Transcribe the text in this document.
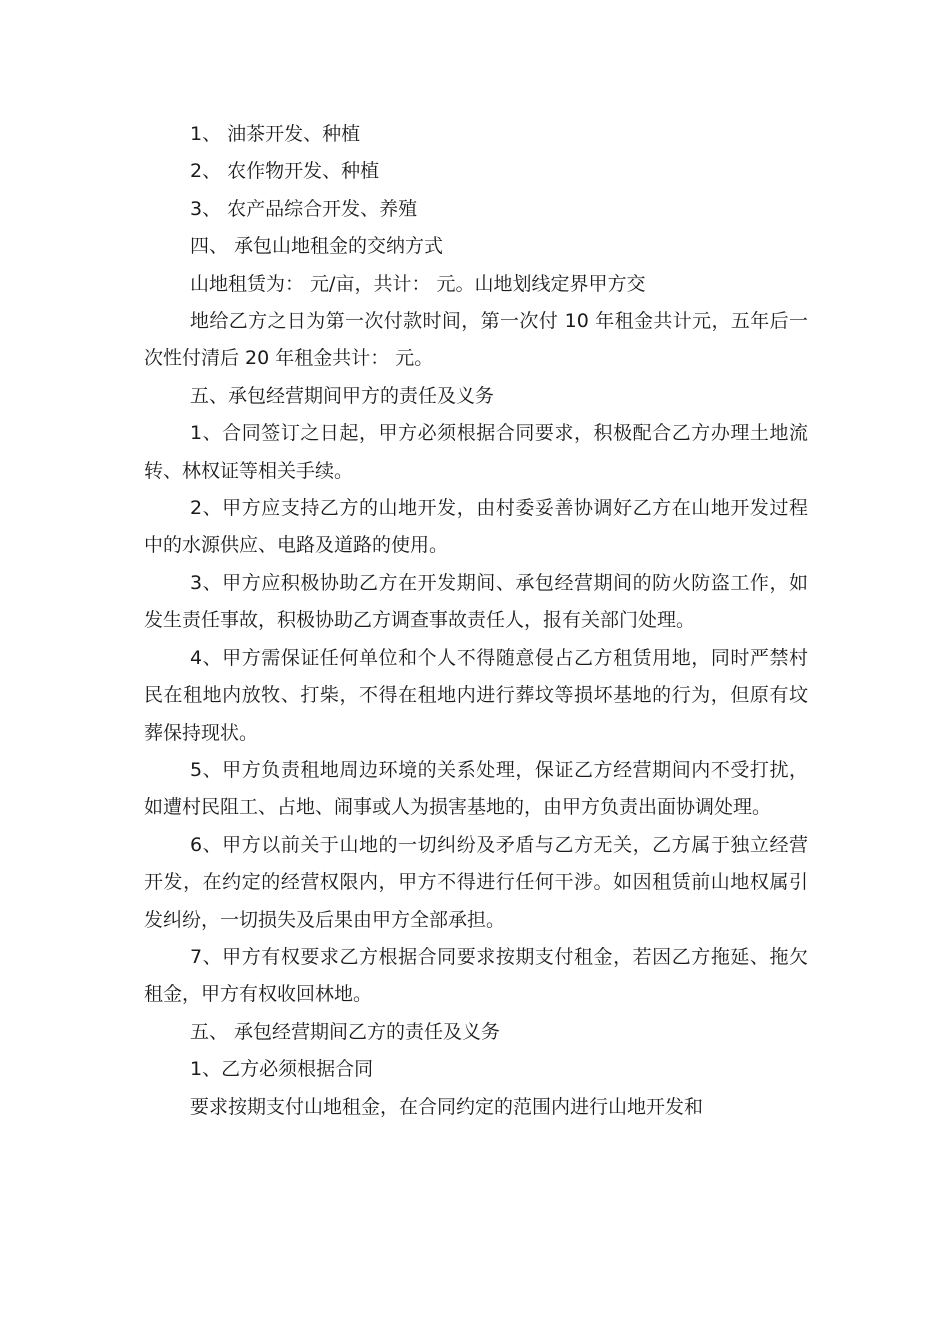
1、 油茶开发、种植

2、 农作物开发、种植

3、 农产品综合开发、养殖

四、 承包山地租金的交纳方式

山地租赁为： 元/亩，共计： 元。山地划线定界甲方交

地给乙方之日为第一次付款时间，第一次付 10 年租金共计元，五年后一次性付清后 20 年租金共计： 元。

五、承包经营期间甲方的责任及义务

1、合同签订之日起，甲方必须根据合同要求，积极配合乙方办理土地流转、林权证等相关手续。

2、甲方应支持乙方的山地开发，由村委妥善协调好乙方在山地开发过程中的水源供应、电路及道路的使用。

3、甲方应积极协助乙方在开发期间、承包经营期间的防火防盗工作，如发生责任事故，积极协助乙方调查事故责任人，报有关部门处理。

4、甲方需保证任何单位和个人不得随意侵占乙方租赁用地，同时严禁村民在租地内放牧、打柴，不得在租地内进行葬坟等损坏基地的行为，但原有坟葬保持现状。

5、甲方负责租地周边环境的关系处理，保证乙方经营期间内不受打扰，如遭村民阻工、占地、闹事或人为损害基地的，由甲方负责出面协调处理。

6、甲方以前关于山地的一切纠纷及矛盾与乙方无关，乙方属于独立经营开发，在约定的经营权限内，甲方不得进行任何干涉。如因租赁前山地权属引发纠纷，一切损失及后果由甲方全部承担。

7、甲方有权要求乙方根据合同要求按期支付租金，若因乙方拖延、拖欠租金，甲方有权收回林地。

五、 承包经营期间乙方的责任及义务

1、乙方必须根据合同

要求按期支付山地租金，在合同约定的范围内进行山地开发和
